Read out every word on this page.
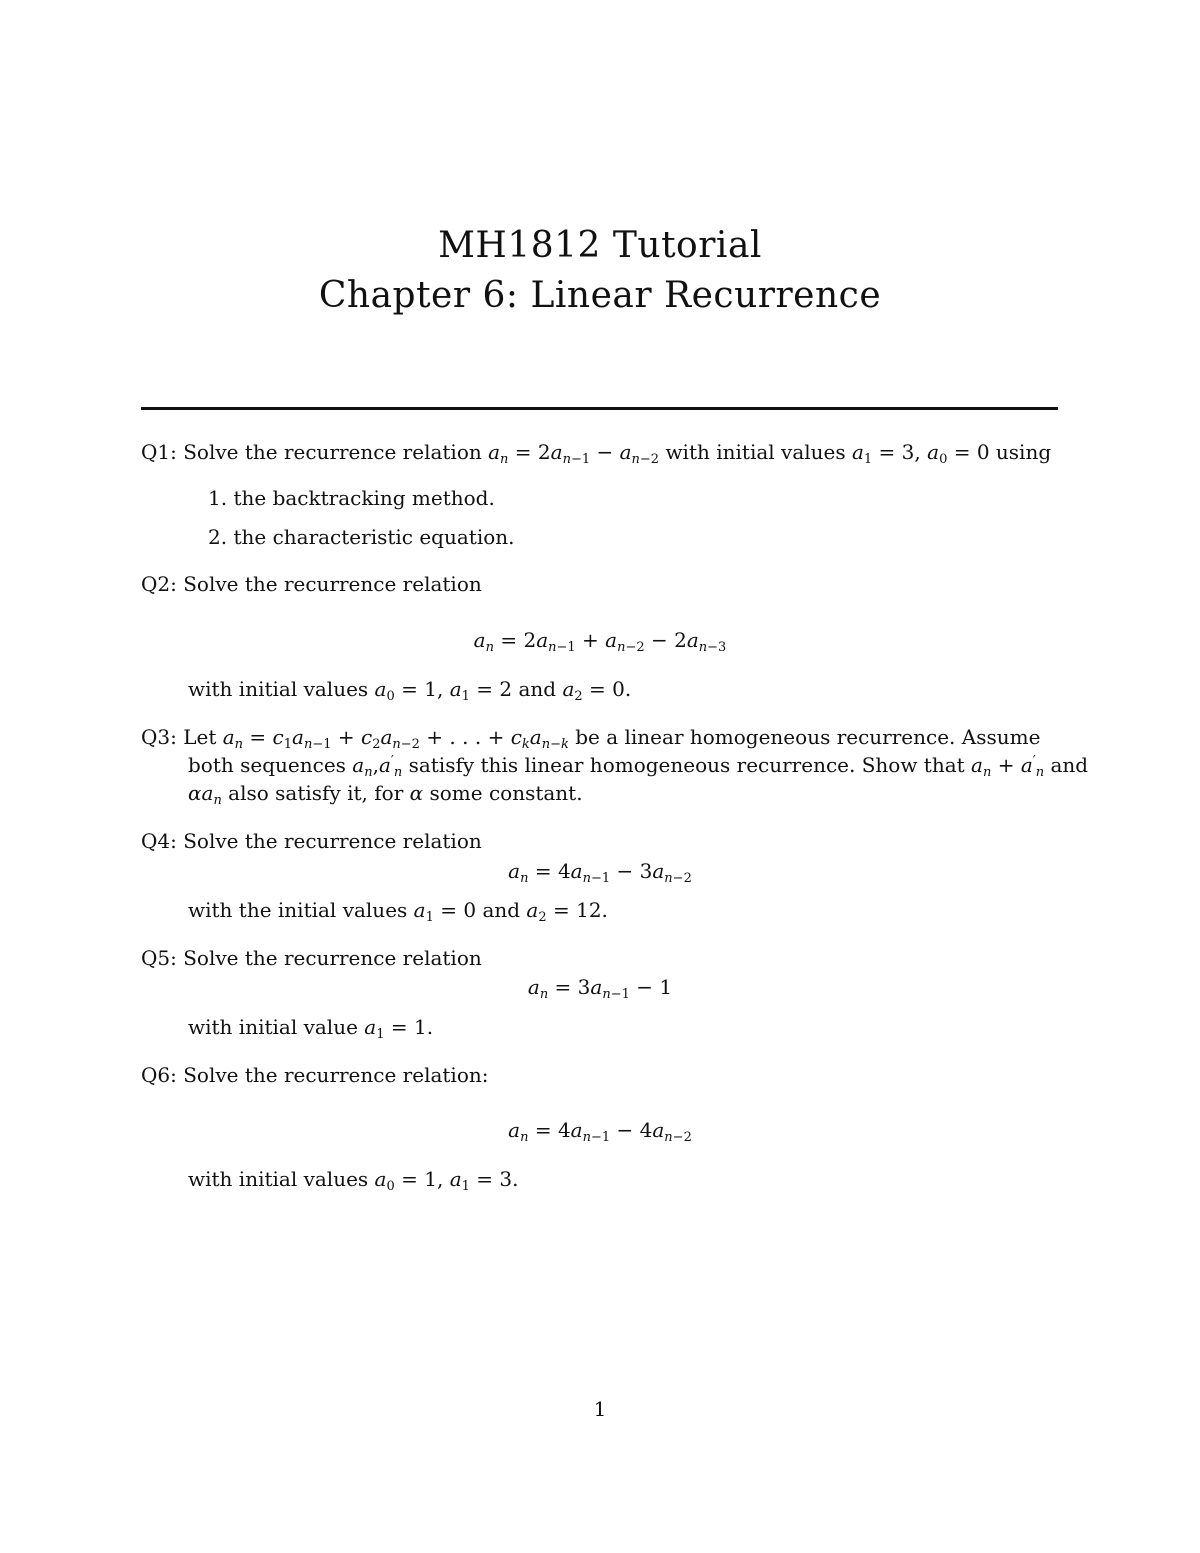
MH1812 Tutorial
Chapter 6: Linear Recurrence
Q1: Solve the recurrence relation $a_n = 2a_{n-1} - a_{n-2}$ with initial values $a_1 = 3$, $a_0 = 0$ using
1. the backtracking method.
2. the characteristic equation.
Q2: Solve the recurrence relation
$a_n = 2a_{n-1} + a_{n-2} - 2a_{n-3}$
with initial values $a_0 = 1$, $a_1 = 2$ and $a_2 = 0$.
Q3: Let $a_n = c_1a_{n-1} + c_2a_{n-2}$ + . . . + $c_ka_{n-k}$ be a linear homogeneous recurrence. Assume
both sequences $a_n,a'_n$ satisfy this linear homogeneous recurrence. Show that $a_n + a'_n$ and
$\alpha a_n$ also satisfy it, for α some constant.
Q4: Solve the recurrence relation
$a_n = 4a_{n-1} - 3a_{n-2}$
with the initial values $a_1 = 0$ and $a_2 = 12$.
Q5: Solve the recurrence relation
$a_n = 3a_{n-1} - 1$
with initial value $a_1 = 1$.
Q6: Solve the recurrence relation:
$a_n = 4a_{n-1} - 4a_{n-2}$
with initial values $a_0 = 1$, $a_1 = 3$.
1
